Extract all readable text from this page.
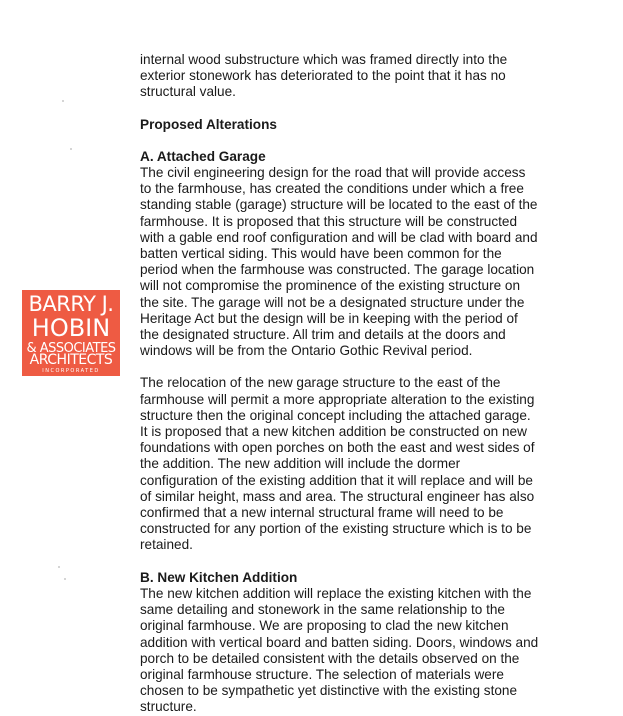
BARRY J.
HOBIN
& ASSOCIATES
ARCHITECTS
INCORPORATED

internal wood substructure which was framed directly into the exterior stonework has deteriorated to the point that it has no structural value.

Proposed Alterations
A. Attached Garage

The civil engineering design for the road that will provide access to the farmhouse, has created the conditions under which a free standing stable (garage) structure will be located to the east of the farmhouse. It is proposed that this structure will be constructed with a gable end roof configuration and will be clad with board and batten vertical siding. This would have been common for the period when the farmhouse was constructed. The garage location will not compromise the prominence of the existing structure on the site. The garage will not be a designated structure under the Heritage Act but the design will be in keeping with the period of the designated structure. All trim and details at the doors and windows will be from the Ontario Gothic Revival period.

The relocation of the new garage structure to the east of the farmhouse will permit a more appropriate alteration to the existing structure then the original concept including the attached garage. It is proposed that a new kitchen addition be constructed on new foundations with open porches on both the east and west sides of the addition. The new addition will include the dormer configuration of the existing addition that it will replace and will be of similar height, mass and area. The structural engineer has also confirmed that a new internal structural frame will need to be constructed for any portion of the existing structure which is to be retained.

B. New Kitchen Addition

The new kitchen addition will replace the existing kitchen with the same detailing and stonework in the same relationship to the original farmhouse. We are proposing to clad the new kitchen addition with vertical board and batten siding. Doors, windows and porch to be detailed consistent with the details observed on the original farmhouse structure. The selection of materials were chosen to be sympathetic yet distinctive with the existing stone structure.
